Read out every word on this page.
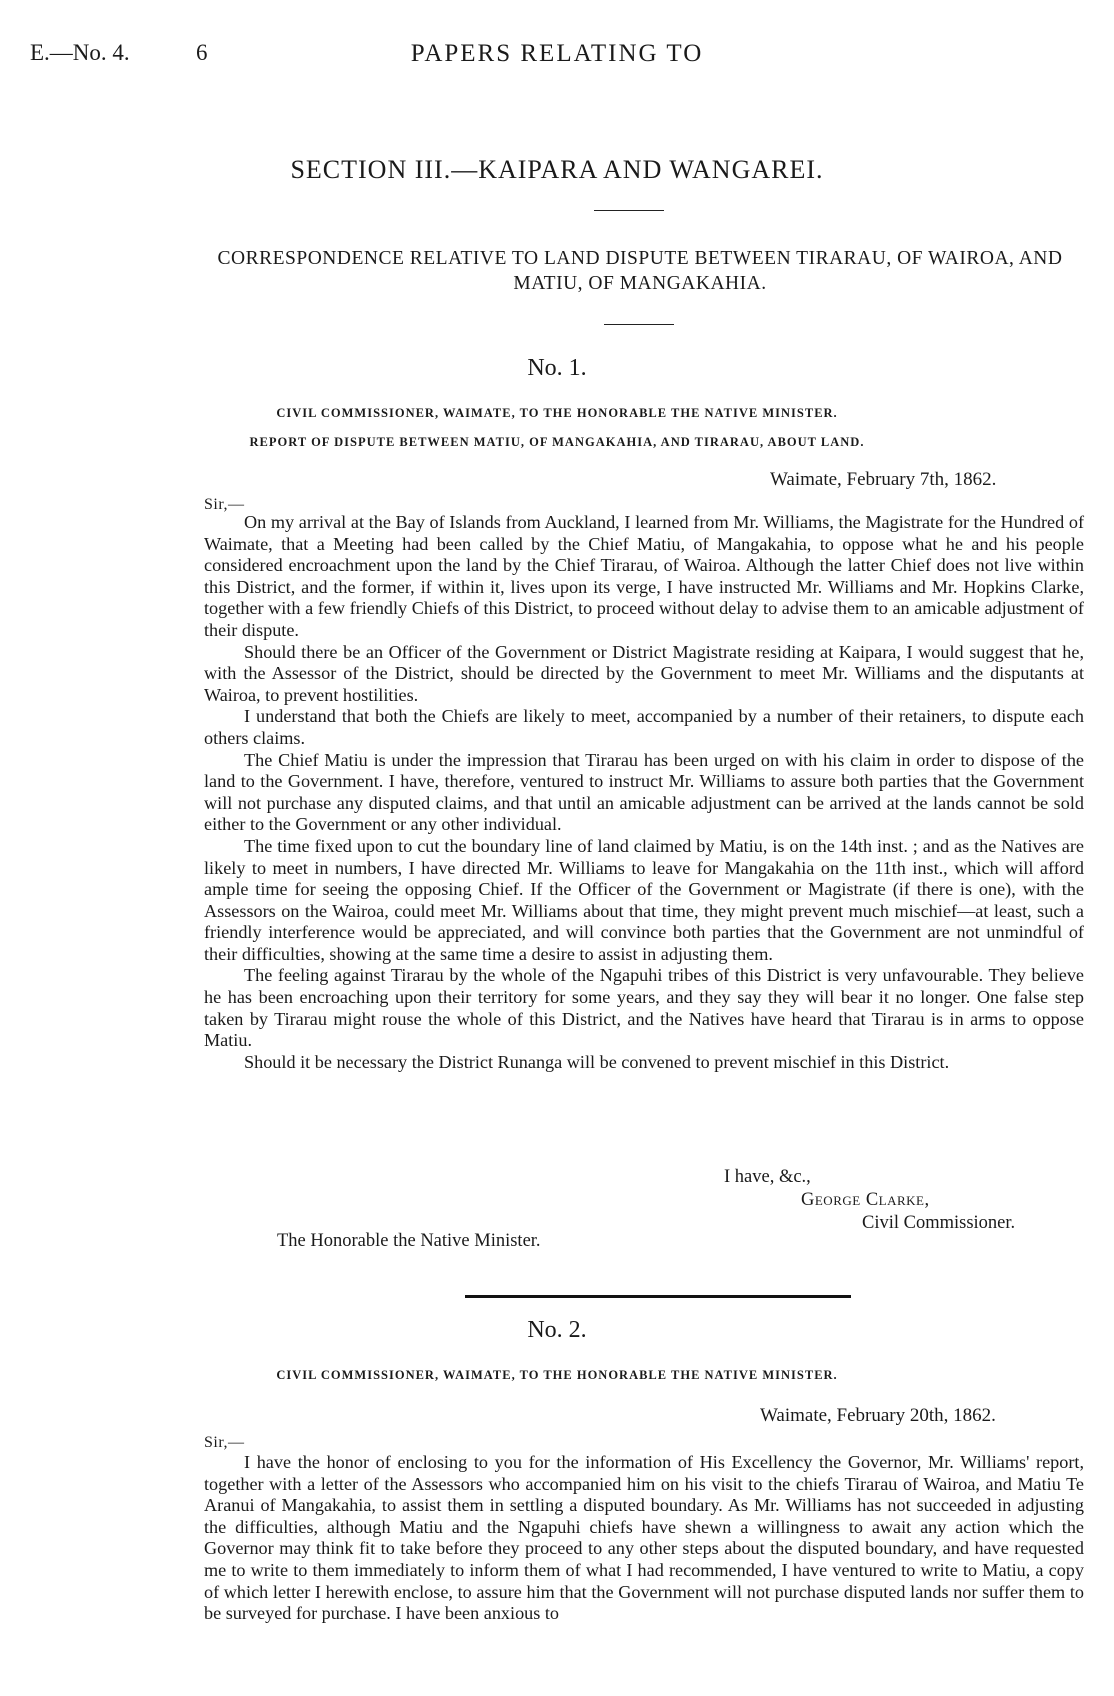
E.—No. 4.	6	PAPERS RELATING TO
SECTION III.—KAIPARA AND WANGAREI.
CORRESPONDENCE RELATIVE TO LAND DISPUTE BETWEEN TIRARAU, OF WAIROA, AND MATIU, OF MANGAKAHIA.
No. 1.
CIVIL COMMISSIONER, WAIMATE, TO THE HONORABLE THE NATIVE MINISTER.
REPORT OF DISPUTE BETWEEN MATIU, OF MANGAKAHIA, AND TIRARAU, ABOUT LAND.
Waimate, February 7th, 1862.
Sir,—

On my arrival at the Bay of Islands from Auckland, I learned from Mr. Williams, the Magistrate for the Hundred of Waimate, that a Meeting had been called by the Chief Matiu, of Mangakahia, to oppose what he and his people considered encroachment upon the land by the Chief Tirarau, of Wairoa. Although the latter Chief does not live within this District, and the former, if within it, lives upon its verge, I have instructed Mr. Williams and Mr. Hopkins Clarke, together with a few friendly Chiefs of this District, to proceed without delay to advise them to an amicable adjustment of their dispute.

Should there be an Officer of the Government or District Magistrate residing at Kaipara, I would suggest that he, with the Assessor of the District, should be directed by the Government to meet Mr. Williams and the disputants at Wairoa, to prevent hostilities.

I understand that both the Chiefs are likely to meet, accompanied by a number of their retainers, to dispute each others claims.

The Chief Matiu is under the impression that Tirarau has been urged on with his claim in order to dispose of the land to the Government. I have, therefore, ventured to instruct Mr. Williams to assure both parties that the Government will not purchase any disputed claims, and that until an amicable adjustment can be arrived at the lands cannot be sold either to the Government or any other individual.

The time fixed upon to cut the boundary line of land claimed by Matiu, is on the 14th inst. ; and as the Natives are likely to meet in numbers, I have directed Mr. Williams to leave for Mangakahia on the 11th inst., which will afford ample time for seeing the opposing Chief. If the Officer of the Government or Magistrate (if there is one), with the Assessors on the Wairoa, could meet Mr. Williams about that time, they might prevent much mischief—at least, such a friendly interference would be appreciated, and will convince both parties that the Government are not unmindful of their difficulties, showing at the same time a desire to assist in adjusting them.

The feeling against Tirarau by the whole of the Ngapuhi tribes of this District is very unfavourable. They believe he has been encroaching upon their territory for some years, and they say they will bear it no longer. One false step taken by Tirarau might rouse the whole of this District, and the Natives have heard that Tirarau is in arms to oppose Matiu.

Should it be necessary the District Runanga will be convened to prevent mischief in this District.

I have, &c.,
George Clarke,
Civil Commissioner.
The Honorable the Native Minister.
No. 2.
CIVIL COMMISSIONER, WAIMATE, TO THE HONORABLE THE NATIVE MINISTER.
Waimate, February 20th, 1862.
Sir,—

I have the honor of enclosing to you for the information of His Excellency the Governor, Mr. Williams' report, together with a letter of the Assessors who accompanied him on his visit to the chiefs Tirarau of Wairoa, and Matiu Te Aranui of Mangakahia, to assist them in settling a disputed boundary. As Mr. Williams has not succeeded in adjusting the difficulties, although Matiu and the Ngapuhi chiefs have shewn a willingness to await any action which the Governor may think fit to take before they proceed to any other steps about the disputed boundary, and have requested me to write to them immediately to inform them of what I had recommended, I have ventured to write to Matiu, a copy of which letter I herewith enclose, to assure him that the Government will not purchase disputed lands nor suffer them to be surveyed for purchase. I have been anxious to
